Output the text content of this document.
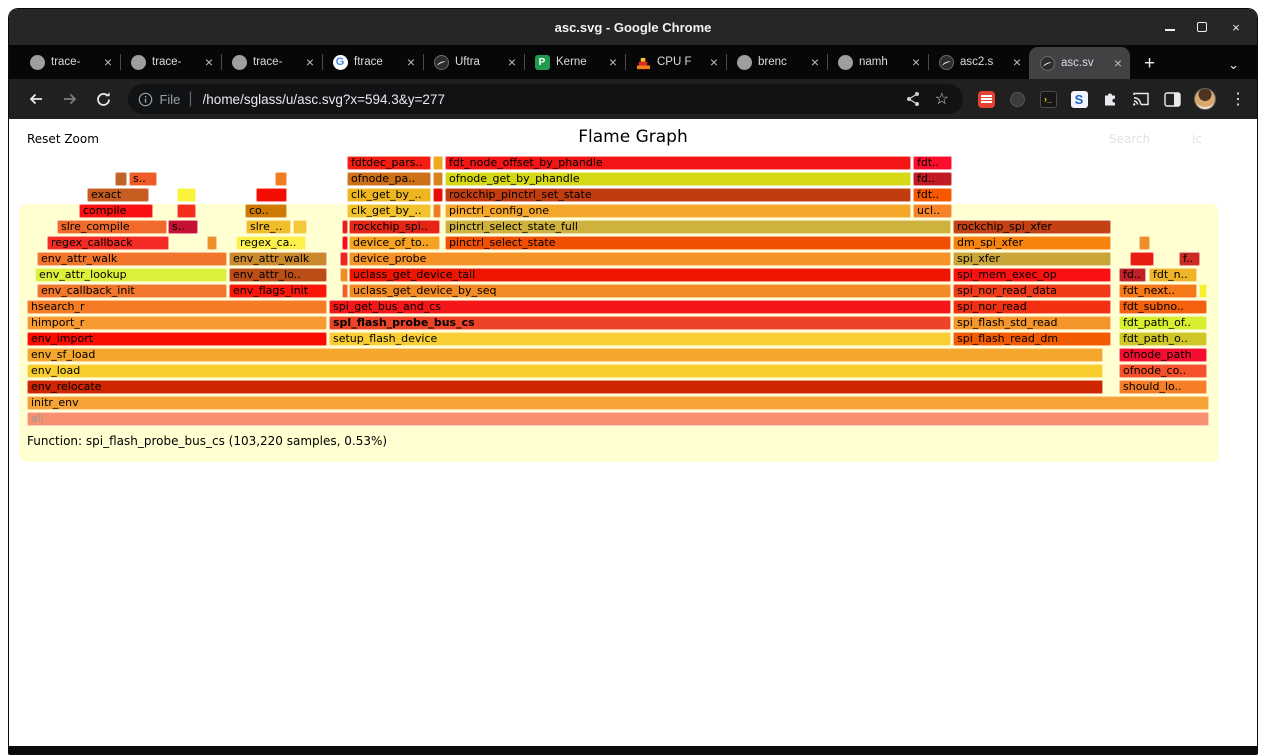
asc.svg - Google Chrome	×
trace-	×	trace-	×	trace-	× G ftrace	×	Uftra	×	P Kerne	×	CPU F	×	brenc	×	namh	×	asc2.s	×	asc.sv	×	+	⌄
File | /home/sglass/u/asc.svg?x=594.3&y=277	☆	›_	S	⋮
Reset Zoom	Flame Graph	Search	ic
fdtdec_pars..	fdt_node_offset_by_phandle	fdt..
s..	ofnode_pa..	ofnode_get_by_phandle	fd..
exact	clk_get_by_..	rockchip_pinctrl_set_state	fdt..
compile	co..	clk_get_by_..	pinctrl_config_one	ucl..
slre_compile	s..	slre_..	rockchip_spi..	pinctrl_select_state_full	rockchip_spi_xfer
regex_callback	regex_ca..	device_of_to..	pinctrl_select_state	dm_spi_xfer
env_attr_walk	env_attr_walk	device_probe	spi_xfer	f..
env_attr_lookup	env_attr_lo..	uclass_get_device_tail	spi_mem_exec_op	fd..	fdt_n..
env_callback_init	env_flags_init	uclass_get_device_by_seq	spi_nor_read_data	fdt_next..
hsearch_r	spi_get_bus_and_cs	spi_nor_read	fdt_subno..
himport_r	spl_flash_probe_bus_cs	spi_flash_std_read	fdt_path_of..
env_import	setup_flash_device	spi_flash_read_dm	fdt_path_o..
env_sf_load	ofnode_path
env_load	ofnode_co..
env_relocate	should_lo..
initr_env
all
Function: spi_flash_probe_bus_cs (103,220 samples, 0.53%)
